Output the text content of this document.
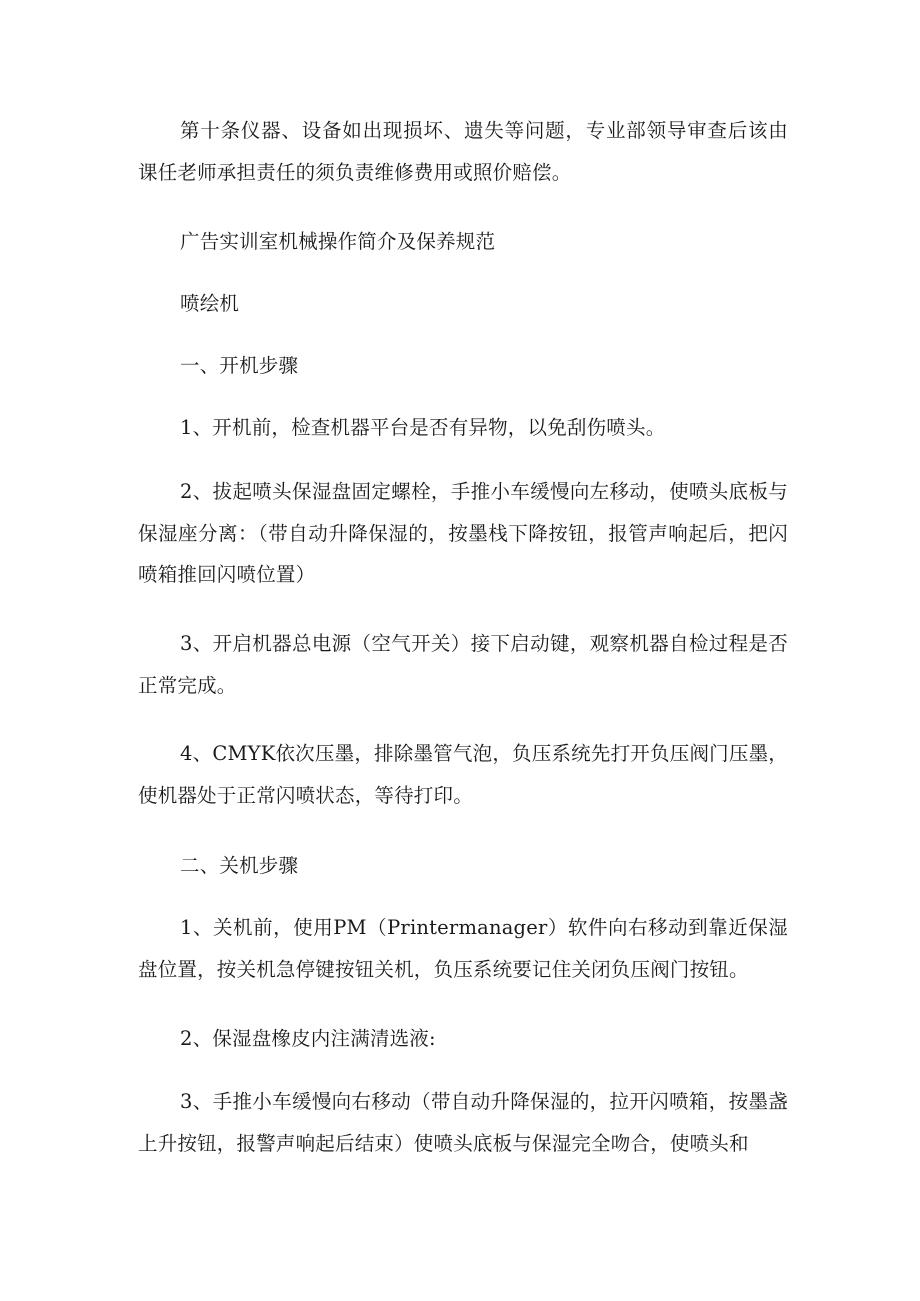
第十条仪器、设备如出现损坏、遗失等问题，专业部领导审查后该由课任老师承担责任的须负责维修费用或照价赔偿。

广告实训室机械操作简介及保养规范

喷绘机

一、开机步骤

1、开机前，检查机器平台是否有异物，以免刮伤喷头。

2、拔起喷头保湿盘固定螺栓，手推小车缓慢向左移动，使喷头底板与保湿座分离：（带自动升降保湿的，按墨栈下降按钮，报管声响起后，把闪喷箱推回闪喷位置）

3、开启机器总电源（空气开关）接下启动键，观察机器自检过程是否正常完成。

4、CMYK依次压墨，排除墨管气泡，负压系统先打开负压阀门压墨，使机器处于正常闪喷状态，等待打印。

二、关机步骤

1、关机前，使用PM（Printermanager）软件向右移动到靠近保湿盘位置，按关机急停键按钮关机，负压系统要记住关闭负压阀门按钮。

2、保湿盘橡皮内注满清选液:

3、手推小车缓慢向右移动（带自动升降保湿的，拉开闪喷箱，按墨盏上升按钮，报警声响起后结束）使喷头底板与保湿完全吻合，使喷头和
